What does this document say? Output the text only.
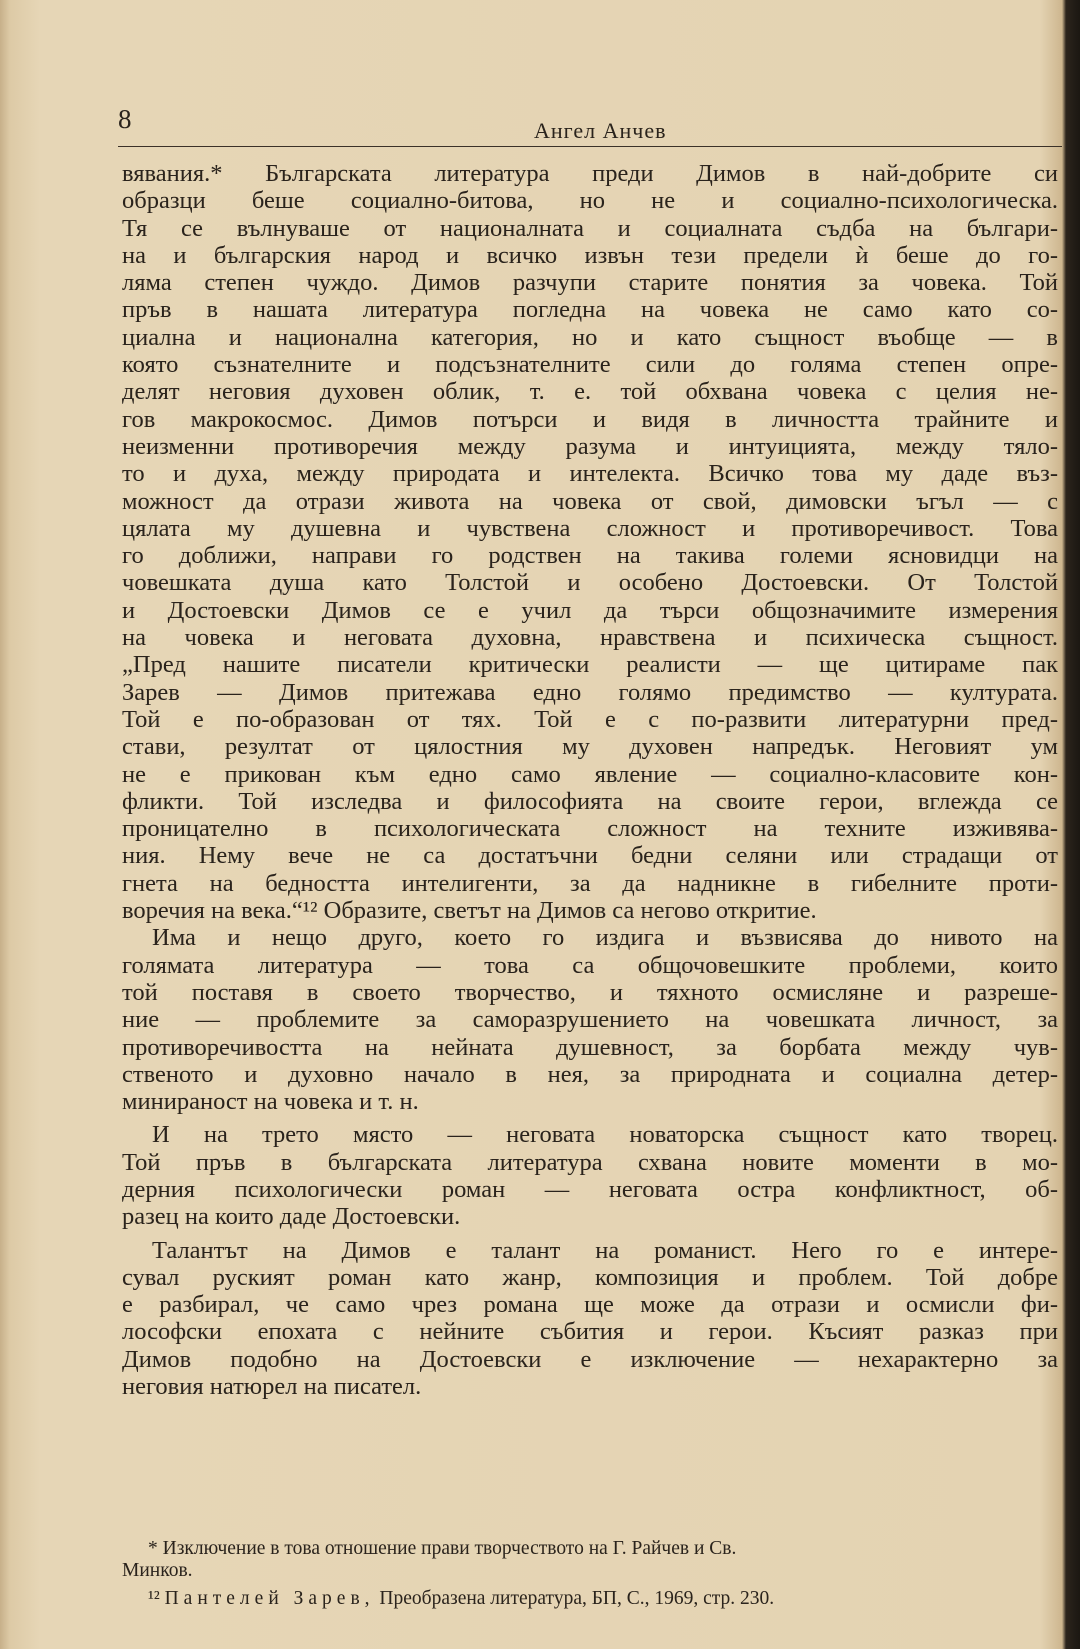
8	Ангел Анчев
вявания.* Българската литература преди Димов в най-добрите си
образци беше социално-битова, но не и социално-психологическа.
Тя се вълнуваше от националната и социалната съдба на българи-
на и българския народ и всичко извън тези предели ѝ беше до го-
ляма степен чуждо. Димов разчупи старите понятия за човека. Той
пръв в нашата литература погледна на човека не само като со-
циална и национална категория, но и като същност въобще — в
която съзнателните и подсъзнателните сили до голяма степен опре-
делят неговия духовен облик, т. е. той обхвана човека с целия не-
гов макрокосмос. Димов потърси и видя в личността трайните и
неизменни противоречия между разума и интуицията, между тяло-
то и духа, между природата и интелекта. Всичко това му даде въз-
можност да отрази живота на човека от свой, димовски ъгъл — с
цялата му душевна и чувствена сложност и противоречивост. Това
го доближи, направи го родствен на такива големи ясновидци на
човешката душа като Толстой и особено Достоевски. От Толстой
и Достоевски Димов се е учил да търси общозначимите измерения
на човека и неговата духовна, нравствена и психическа същност.
„Пред нашите писатели критически реалисти — ще цитираме пак
Зарев — Димов притежава едно голямо предимство — културата.
Той е по-образован от тях. Той е с по-развити литературни пред-
стави, резултат от цялостния му духовен напредък. Неговият ум
не е прикован към едно само явление — социално-класовите кон-
фликти. Той изследва и философията на своите герои, вглежда се
проницателно в психологическата сложност на техните изживява-
ния. Нему вече не са достатъчни бедни селяни или страдащи от
гнета на бедността интелигенти, за да надникне в гибелните проти-
воречия на века.“¹² Образите, светът на Димов са негово откритие.
Има и нещо друго, което го издига и възвисява до нивото на
голямата литература — това са общочовешките проблеми, които
той поставя в своето творчество, и тяхното осмисляне и разреше-
ние — проблемите за саморазрушението на човешката личност, за
противоречивостта на нейната душевност, за борбата между чув-
ственото и духовно начало в нея, за природната и социална детер-
минираност на човека и т. н.
И на трето място — неговата новаторска същност като творец.
Той пръв в българската литература схвана новите моменти в мо-
дерния психологически роман — неговата остра конфликтност, об-
разец на които даде Достоевски.
Талантът на Димов е талант на романист. Него го е интере-
сувал руският роман като жанр, композиция и проблем. Той добре
е разбирал, че само чрез романа ще може да отрази и осмисли фи-
лософски епохата с нейните събития и герои. Късият разказ при
Димов подобно на Достоевски е изключение — нехарактерно за
неговия натюрел на писател.
* Изключение в това отношение прави творчеството на Г. Райчев и Св.
Минков.
¹² Пантелей Зарев, Преобразена литература, БП, С., 1969, стр. 230.
